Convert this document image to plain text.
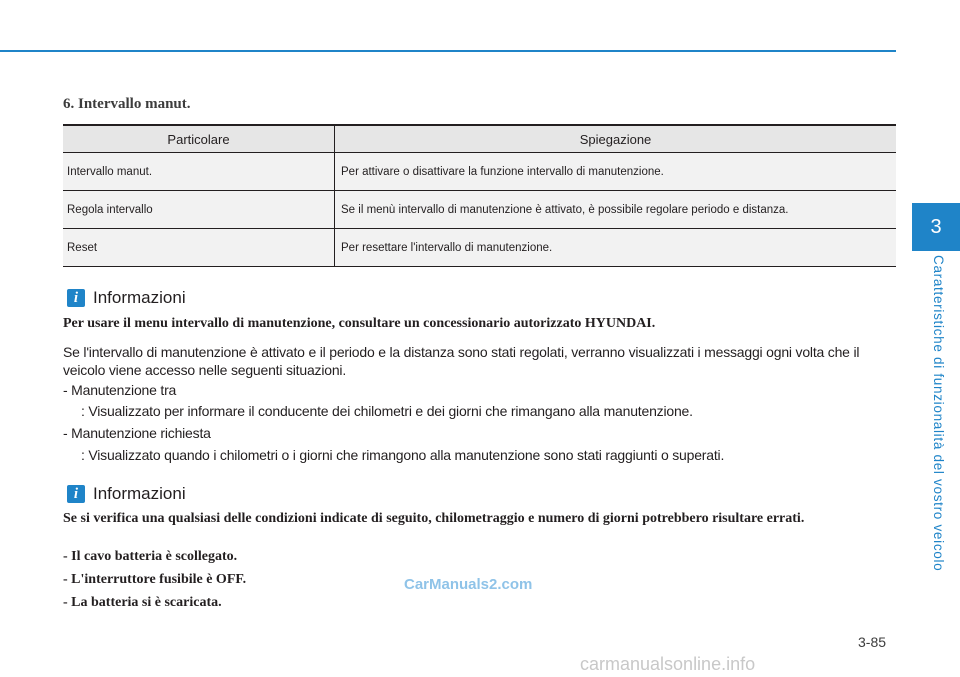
3
Caratteristiche di funzionalità del vostro veicolo
6. Intervallo manut.
Particolare	Spiegazione
Intervallo manut.	Per attivare o disattivare la funzione intervallo di manutenzione.
Regola intervallo	Se il menù intervallo di manutenzione è attivato, è possibile regolare periodo e distanza.
Reset	Per resettare l'intervallo di manutenzione.
i Informazioni
Per usare il menu intervallo di manutenzione, consultare un concessionario autorizzato HYUNDAI.
Se l'intervallo di manutenzione è attivato e il periodo e la distanza sono stati regolati, verranno visualizzati i messaggi ogni volta che il veicolo viene accesso nelle seguenti situazioni.
- Manutenzione tra
: Visualizzato per informare il conducente dei chilometri e dei giorni che rimangano alla manutenzione.
- Manutenzione richiesta
: Visualizzato quando i chilometri o i giorni che rimangono alla manutenzione sono stati raggiunti o superati.
i Informazioni
Se si verifica una qualsiasi delle condizioni indicate di seguito, chilometraggio e numero di giorni potrebbero risultare errati.
- Il cavo batteria è scollegato.
- L'interruttore fusibile è OFF.
- La batteria si è scaricata.
CarManuals2.com
3-85
carmanualsonline.info
